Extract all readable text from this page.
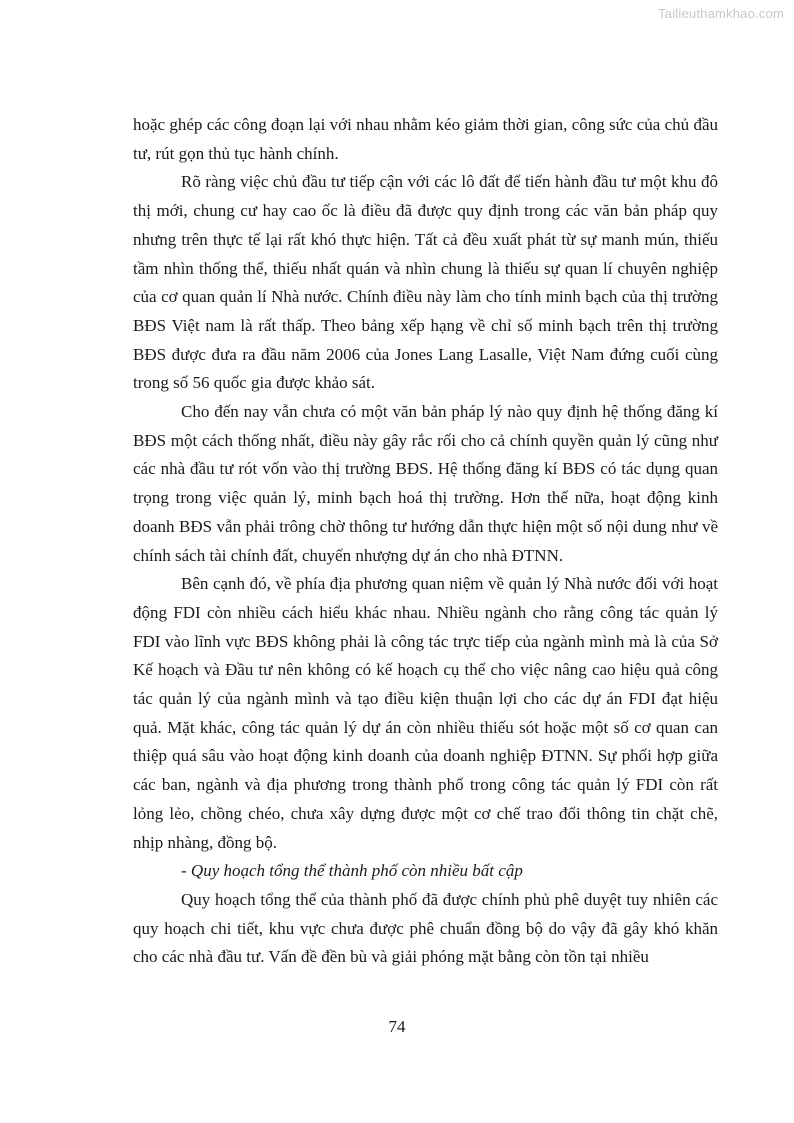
Tailieuthamkhao.com

hoặc ghép các công đoạn lại với nhau nhằm kéo giảm thời gian, công sức của chủ đầu tư, rút gọn thủ tục hành chính.

Rõ ràng việc chủ đầu tư tiếp cận với các lô đất để tiến hành đầu tư một khu đô thị mới, chung cư hay cao ốc là điều đã được quy định trong các văn bản pháp quy nhưng trên thực tế lại rất khó thực hiện. Tất cả đều xuất phát từ sự manh mún, thiếu tầm nhìn thống thể, thiếu nhất quán và nhìn chung là thiếu sự quan lí chuyên nghiệp của cơ quan quản lí Nhà nước. Chính điều này làm cho tính minh bạch của thị trường BĐS Việt nam là rất thấp. Theo bảng xếp hạng về chỉ số minh bạch trên thị trường BĐS được đưa ra đầu năm 2006 của Jones Lang Lasalle, Việt Nam đứng cuối cùng trong số 56 quốc gia được khảo sát.

Cho đến nay vẫn chưa có một văn bản pháp lý nào quy định hệ thống đăng kí BĐS một cách thống nhất, điều này gây rắc rối cho cả chính quyền quản lý cũng như các nhà đầu tư rót vốn vào thị trường BĐS. Hệ thống đăng kí BĐS có tác dụng quan trọng trong việc quản lý, minh bạch hoá thị trường. Hơn thế nữa, hoạt động kinh doanh BĐS vẫn phải trông chờ thông tư hướng dẫn thực hiện một số nội dung như về chính sách tài chính đất, chuyển nhượng dự án cho nhà ĐTNN.

Bên cạnh đó, về phía địa phương quan niệm về quản lý Nhà nước đối với hoạt động FDI còn nhiều cách hiểu khác nhau. Nhiều ngành cho rằng công tác quản lý FDI vào lĩnh vực BĐS không phải là công tác trực tiếp của ngành mình mà là của Sở Kế hoạch và Đầu tư nên không có kế hoạch cụ thể cho việc nâng cao hiệu quả công tác quản lý của ngành mình và tạo điều kiện thuận lợi cho các dự án FDI đạt hiệu quả. Mặt khác, công tác quản lý dự án còn nhiều thiếu sót hoặc một số cơ quan can thiệp quá sâu vào hoạt động kinh doanh của doanh nghiệp ĐTNN. Sự phối hợp giữa các ban, ngành và địa phương trong thành phố trong công tác quản lý FDI còn rất lỏng lẻo, chồng chéo, chưa xây dựng được một cơ chế trao đổi thông tin chặt chẽ, nhịp nhàng, đồng bộ.

- Quy hoạch tổng thể thành phố còn nhiều bất cập

Quy hoạch tổng thể của thành phố đã được chính phủ phê duyệt tuy nhiên các quy hoạch chi tiết, khu vực chưa được phê chuẩn đồng bộ do vậy đã gây khó khăn cho các nhà đầu tư. Vấn đề đền bù và giải phóng mặt bằng còn tồn tại nhiều

74
